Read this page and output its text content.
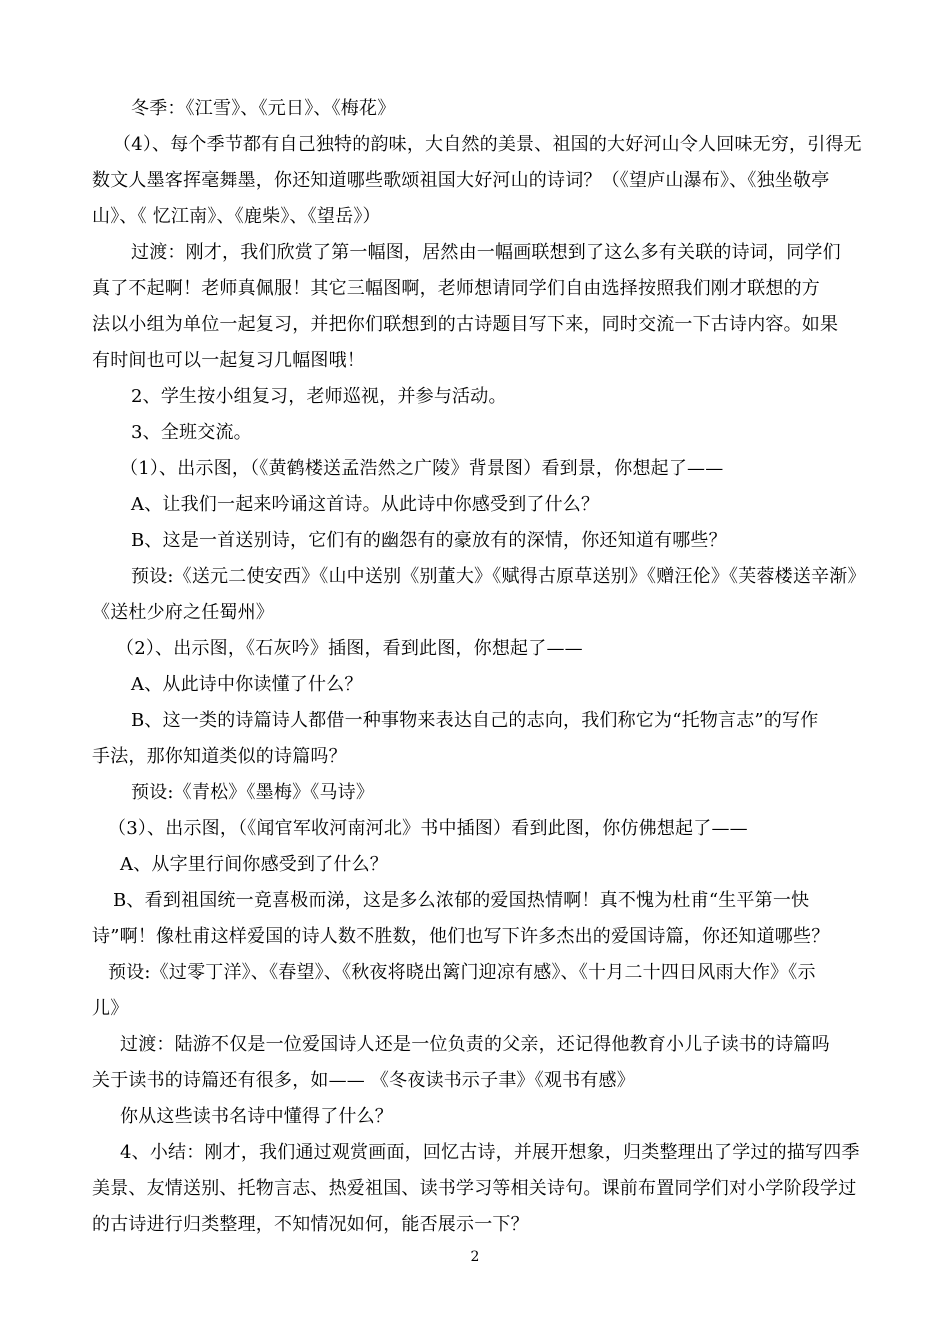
冬季：《江雪》、《元日》、《梅花》
（4）、每个季节都有自己独特的韵味，大自然的美景、祖国的大好河山令人回味无穷，引得无
数文人墨客挥毫舞墨，你还知道哪些歌颂祖国大好河山的诗词？（《望庐山瀑布》、《独坐敬亭
山》、《 忆江南》、《鹿柴》、《望岳》）
过渡：刚才，我们欣赏了第一幅图，居然由一幅画联想到了这么多有关联的诗词，同学们
真了不起啊！老师真佩服！其它三幅图啊，老师想请同学们自由选择按照我们刚才联想的方
法以小组为单位一起复习，并把你们联想到的古诗题目写下来，同时交流一下古诗内容。如果
有时间也可以一起复习几幅图哦！
2、学生按小组复习，老师巡视，并参与活动。
3、全班交流。
（1）、出示图，（《黄鹤楼送孟浩然之广陵》背景图）看到景，你想起了——
A、让我们一起来吟诵这首诗。从此诗中你感受到了什么？
B、这是一首送别诗，它们有的幽怨有的豪放有的深情，你还知道有哪些？
预设:《送元二使安西》《山中送别《别董大》《赋得古原草送别》《赠汪伦》《芙蓉楼送辛渐》
《送杜少府之任蜀州》
（2）、出示图，《石灰吟》插图，看到此图，你想起了——
A、从此诗中你读懂了什么？
B、这一类的诗篇诗人都借一种事物来表达自己的志向，我们称它为“托物言志”的写作
手法，那你知道类似的诗篇吗？
预设:《青松》《墨梅》《马诗》
（3）、出示图，（《闻官军收河南河北》书中插图）看到此图，你仿佛想起了——
A、从字里行间你感受到了什么？
B、看到祖国统一竟喜极而涕，这是多么浓郁的爱国热情啊！真不愧为杜甫“生平第一快
诗”啊！像杜甫这样爱国的诗人数不胜数，他们也写下许多杰出的爱国诗篇，你还知道哪些？
预设:《过零丁洋》、《春望》、《秋夜将晓出篱门迎凉有感》、《十月二十四日风雨大作》《示
儿》
过渡：陆游不仅是一位爱国诗人还是一位负责的父亲，还记得他教育小儿子读书的诗篇吗
关于读书的诗篇还有很多，如—— 《冬夜读书示子聿》《观书有感》
你从这些读书名诗中懂得了什么？
4、小结：刚才，我们通过观赏画面，回忆古诗，并展开想象，归类整理出了学过的描写四季
美景、友情送别、托物言志、热爱祖国、读书学习等相关诗句。课前布置同学们对小学阶段学过
的古诗进行归类整理，不知情况如何，能否展示一下？
2
